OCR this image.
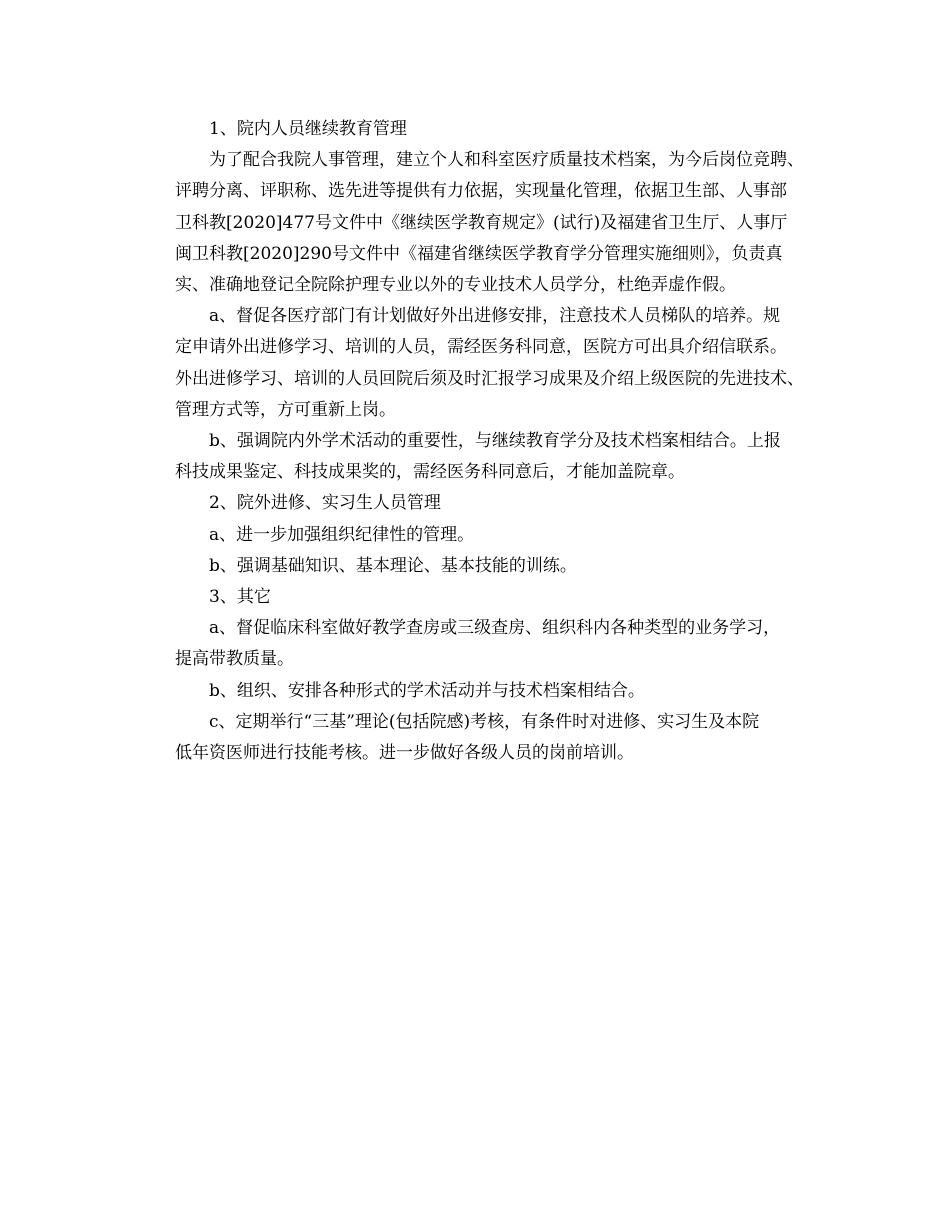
1、院内人员继续教育管理
为了配合我院人事管理，建立个人和科室医疗质量技术档案，为今后岗位竞聘、
评聘分离、评职称、选先进等提供有力依据，实现量化管理，依据卫生部、人事部
卫科教[2020]477号文件中《继续医学教育规定》(试行)及福建省卫生厅、人事厅
闽卫科教[2020]290号文件中《福建省继续医学教育学分管理实施细则》，负责真
实、准确地登记全院除护理专业以外的专业技术人员学分，杜绝弄虚作假。
a、督促各医疗部门有计划做好外出进修安排，注意技术人员梯队的培养。规
定申请外出进修学习、培训的人员，需经医务科同意，医院方可出具介绍信联系。
外出进修学习、培训的人员回院后须及时汇报学习成果及介绍上级医院的先进技术、
管理方式等，方可重新上岗。
b、强调院内外学术活动的重要性，与继续教育学分及技术档案相结合。上报
科技成果鉴定、科技成果奖的，需经医务科同意后，才能加盖院章。
2、院外进修、实习生人员管理
a、进一步加强组织纪律性的管理。
b、强调基础知识、基本理论、基本技能的训练。
3、其它
a、督促临床科室做好教学查房或三级查房、组织科内各种类型的业务学习，
提高带教质量。
b、组织、安排各种形式的学术活动并与技术档案相结合。
c、定期举行“三基”理论(包括院感)考核，有条件时对进修、实习生及本院
低年资医师进行技能考核。进一步做好各级人员的岗前培训。
